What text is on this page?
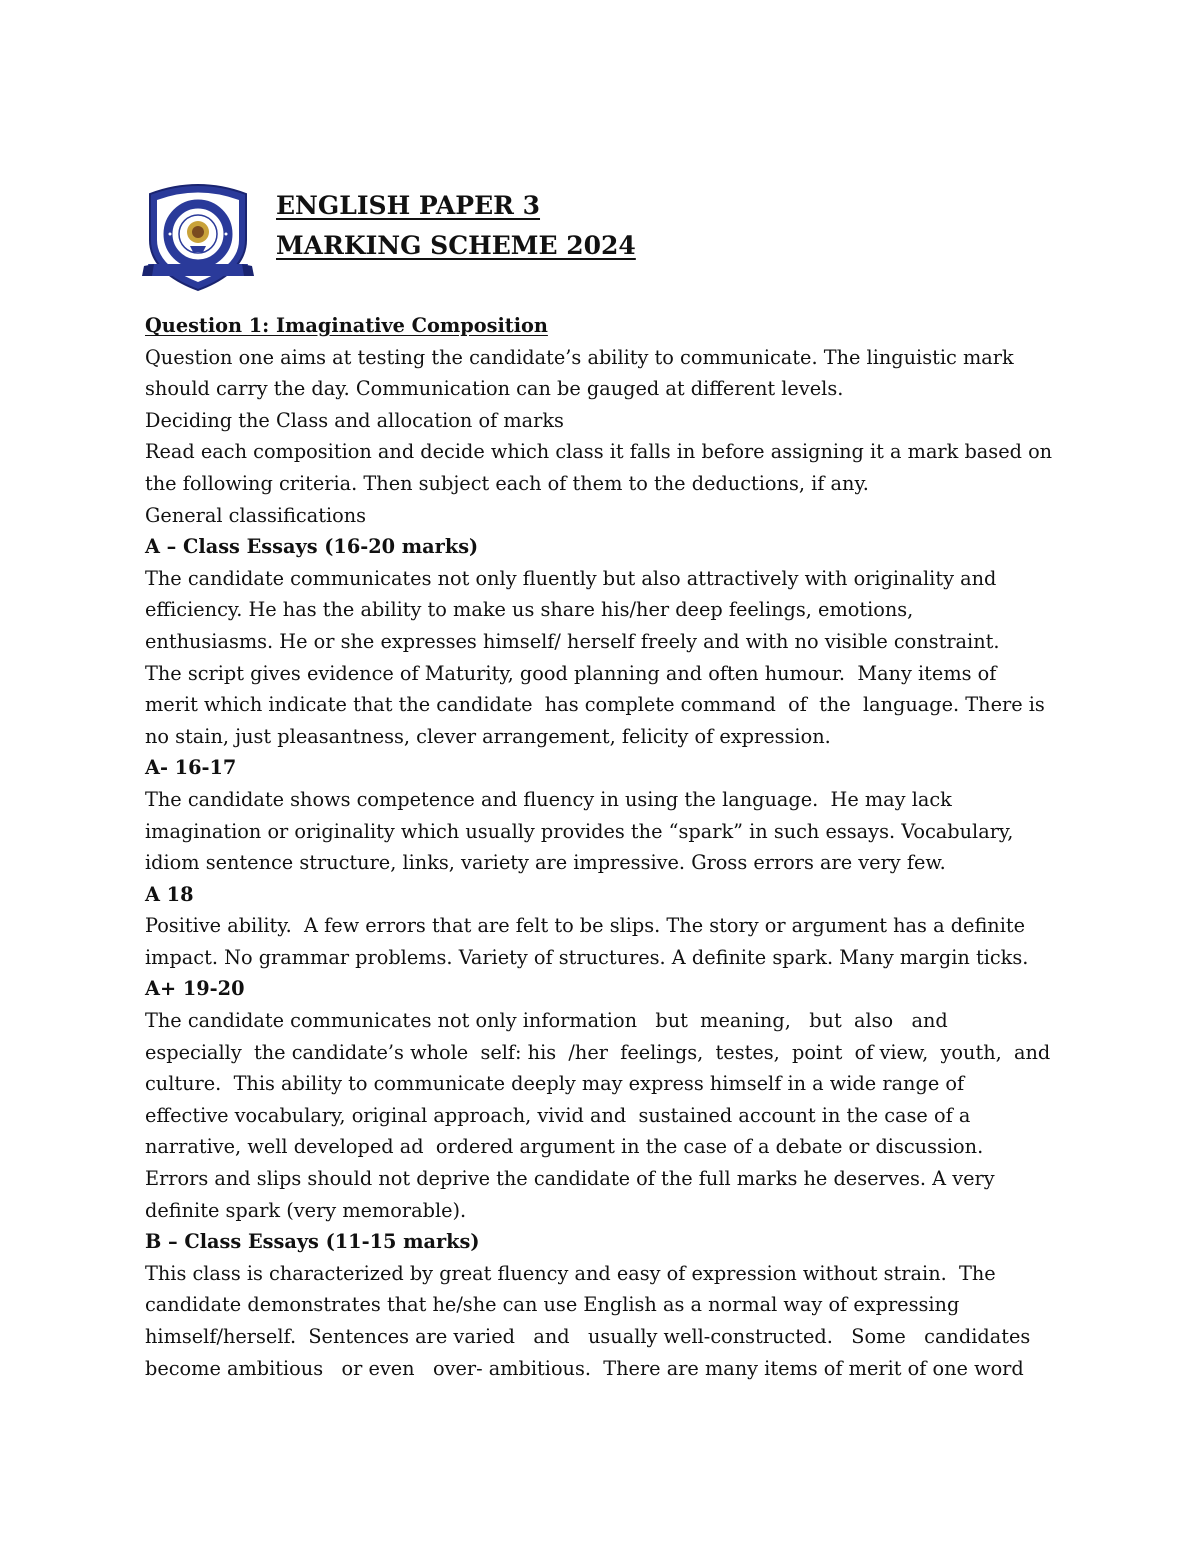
ENGLISH PAPER 3
MARKING SCHEME 2024
Question 1: Imaginative Composition
Question one aims at testing the candidate’s ability to communicate. The linguistic mark
should carry the day. Communication can be gauged at different levels.
Deciding the Class and allocation of marks
Read each composition and decide which class it falls in before assigning it a mark based on
the following criteria. Then subject each of them to the deductions, if any.
General classifications
A – Class Essays (16-20 marks)
The candidate communicates not only fluently but also attractively with originality and
efficiency. He has the ability to make us share his/her deep feelings, emotions,
enthusiasms. He or she expresses himself/ herself freely and with no visible constraint.
The script gives evidence of Maturity, good planning and often humour.  Many items of
merit which indicate that the candidate  has complete command  of  the  language. There is
no stain, just pleasantness, clever arrangement, felicity of expression.
A- 16-17
The candidate shows competence and fluency in using the language.  He may lack
imagination or originality which usually provides the “spark” in such essays. Vocabulary,
idiom sentence structure, links, variety are impressive. Gross errors are very few.
A 18
Positive ability.  A few errors that are felt to be slips. The story or argument has a definite
impact. No grammar problems. Variety of structures. A definite spark. Many margin ticks.
A+ 19-20
The candidate communicates not only information   but  meaning,   but  also   and
especially  the candidate’s whole  self: his  /her  feelings,  testes,  point  of view,  youth,  and
culture.  This ability to communicate deeply may express himself in a wide range of
effective vocabulary, original approach, vivid and  sustained account in the case of a
narrative, well developed ad  ordered argument in the case of a debate or discussion.
Errors and slips should not deprive the candidate of the full marks he deserves. A very
definite spark (very memorable).
B – Class Essays (11-15 marks)
This class is characterized by great fluency and easy of expression without strain.  The
candidate demonstrates that he/she can use English as a normal way of expressing
himself/herself.  Sentences are varied   and   usually well-constructed.   Some   candidates
become ambitious   or even   over- ambitious.  There are many items of merit of one word
